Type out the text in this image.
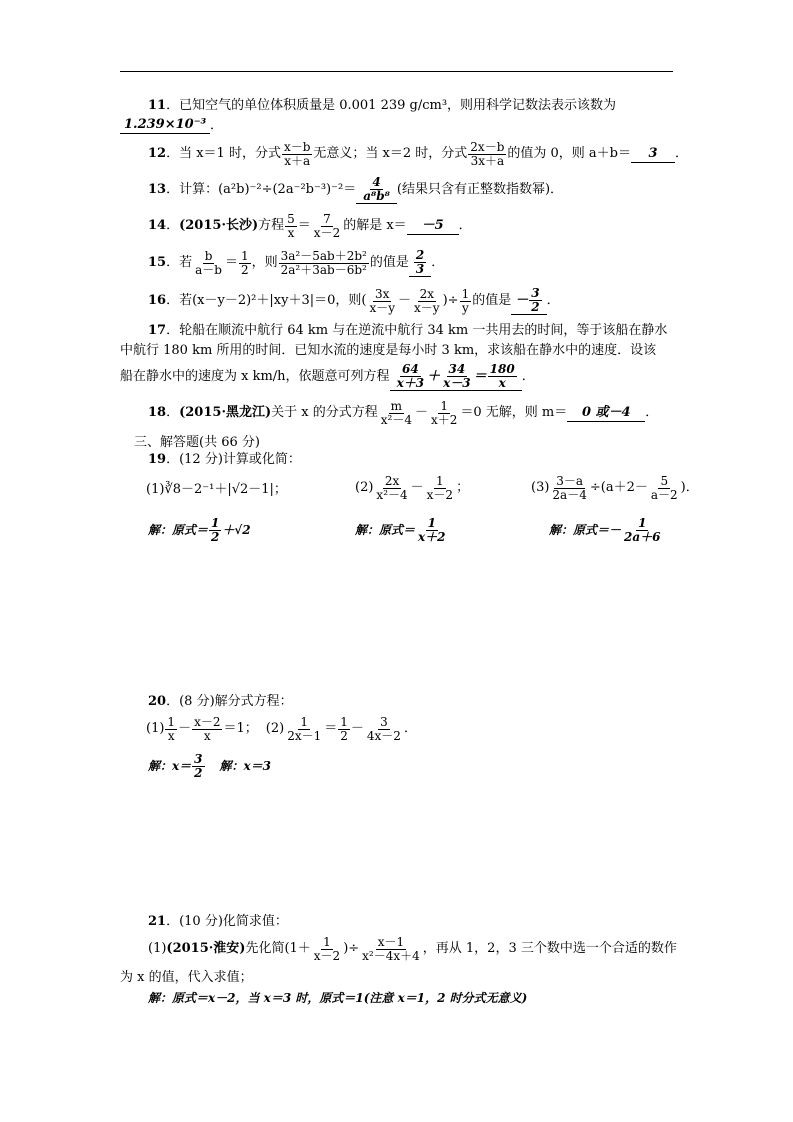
11 ．已知空气的单位体积质量是 0.001 239 g/cm³，则用科学记数法表示该数为
1.239×10⁻³ ．
12 ．当 x＝1 时，分式 $\frac{x-b}{x+a}$ 无意义；当 x＝2 时，分式 $\frac{2x-b}{3x+a}$ 的值为 0，则 a＋b＝	3	．
13 ．计算：$(a^2b)^{-2}\div(2a^{-2}b^{-3})^{-2}= \frac{4}{\text{a⁸b⁸}}$ (结果只含有正整数指数幂)．
14 ． (2015·长沙) 方程 $\frac{5}{x} = \frac{7}{x-2}$ 的解是 x＝	－5	．
15 ．若 $\frac{b}{a-b} = \frac{1}{2}$ ，则 $\frac{\text{3a²－5ab＋2b²}}{\text{2a²＋3ab－6b²}}$ 的值是 $\frac{2}{3}$ ．
16 ．若(x－y－2)²＋|xy＋3|＝0，则( $\frac{3x}{x-y} - \frac{2x}{x-y}$ )÷ $\frac{1}{y}$ 的值是 － $\frac{3}{2}$ ．
17 ．轮船在顺流中航行 64 km 与在逆流中航行 34 km 一共用去的时间，等于该船在静水
中航行 180 km 所用的时间．已知水流的速度是每小时 3 km，求该船在静水中的速度．设该
船在静水中的速度为 x km/h，依题意可列方程 $\frac{64}{x+3} + \frac{34}{x-3} = \frac{180}{x}$ ．
18 ． (2015·黑龙江) 关于 x 的分式方程 $\frac{m}{\text{x²－4}} - \frac{1}{x+2} =0$ 无解，则 m＝	0 或－4	．
三、解答题(共 66 分)
19 ．(12 分)计算或化简：
(1)∛8－2⁻¹＋|√2－1|；	$(2) \frac{2x}{\text{x²－4}} - \frac{1}{x-2}$ ；	$(3) \frac{3-a}{2a-4} \div(a+2- \frac{5}{a-2}$ )．
解：原式＝ $\frac{1}{2} +√2$	解：原式＝ $\frac{1}{x+2}$	解：原式＝－ $\frac{1}{2a+6}$
20 ．(8 分)解分式方程：
$(1) \frac{1}{x} - \frac{x-2}{x} =1$； $(2) \frac{1}{2x-1} = \frac{1}{2} - \frac{3}{4x-2}$ ．
解：$x= \frac{3}{2}$ 解：x＝3
21 ．(10 分)化简求值：
(1) (2015·淮安) 先化简($1+ \frac{1}{x-2}$ )÷ $\frac{x-1}{\text{x²－4x＋4}}$ ，再从 1，2，3 三个数中选一个合适的数作
为 x 的值，代入求值；
解：原式＝x－2，当 x＝3 时，原式＝1(注意 x＝1，2 时分式无意义)
